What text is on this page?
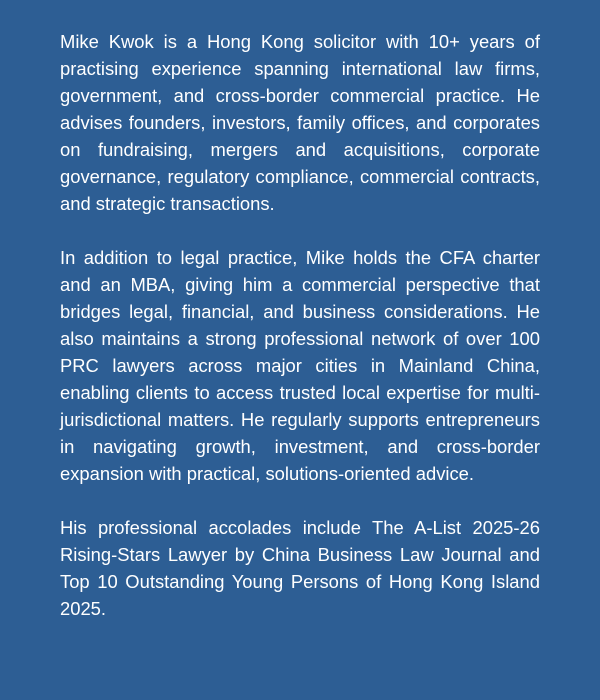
Mike Kwok is a Hong Kong solicitor with 10+ years of practising experience spanning international law firms, government, and cross-border commercial practice. He advises founders, investors, family offices, and corporates on fundraising, mergers and acquisitions, corporate governance, regulatory compliance, commercial contracts, and strategic transactions.

In addition to legal practice, Mike holds the CFA charter and an MBA, giving him a commercial perspective that bridges legal, financial, and business considerations. He also maintains a strong professional network of over 100 PRC lawyers across major cities in Mainland China, enabling clients to access trusted local expertise for multi-jurisdictional matters. He regularly supports entrepreneurs in navigating growth, investment, and cross-border expansion with practical, solutions-oriented advice.

His professional accolades include The A-List 2025-26 Rising-Stars Lawyer by China Business Law Journal and Top 10 Outstanding Young Persons of Hong Kong Island 2025.
